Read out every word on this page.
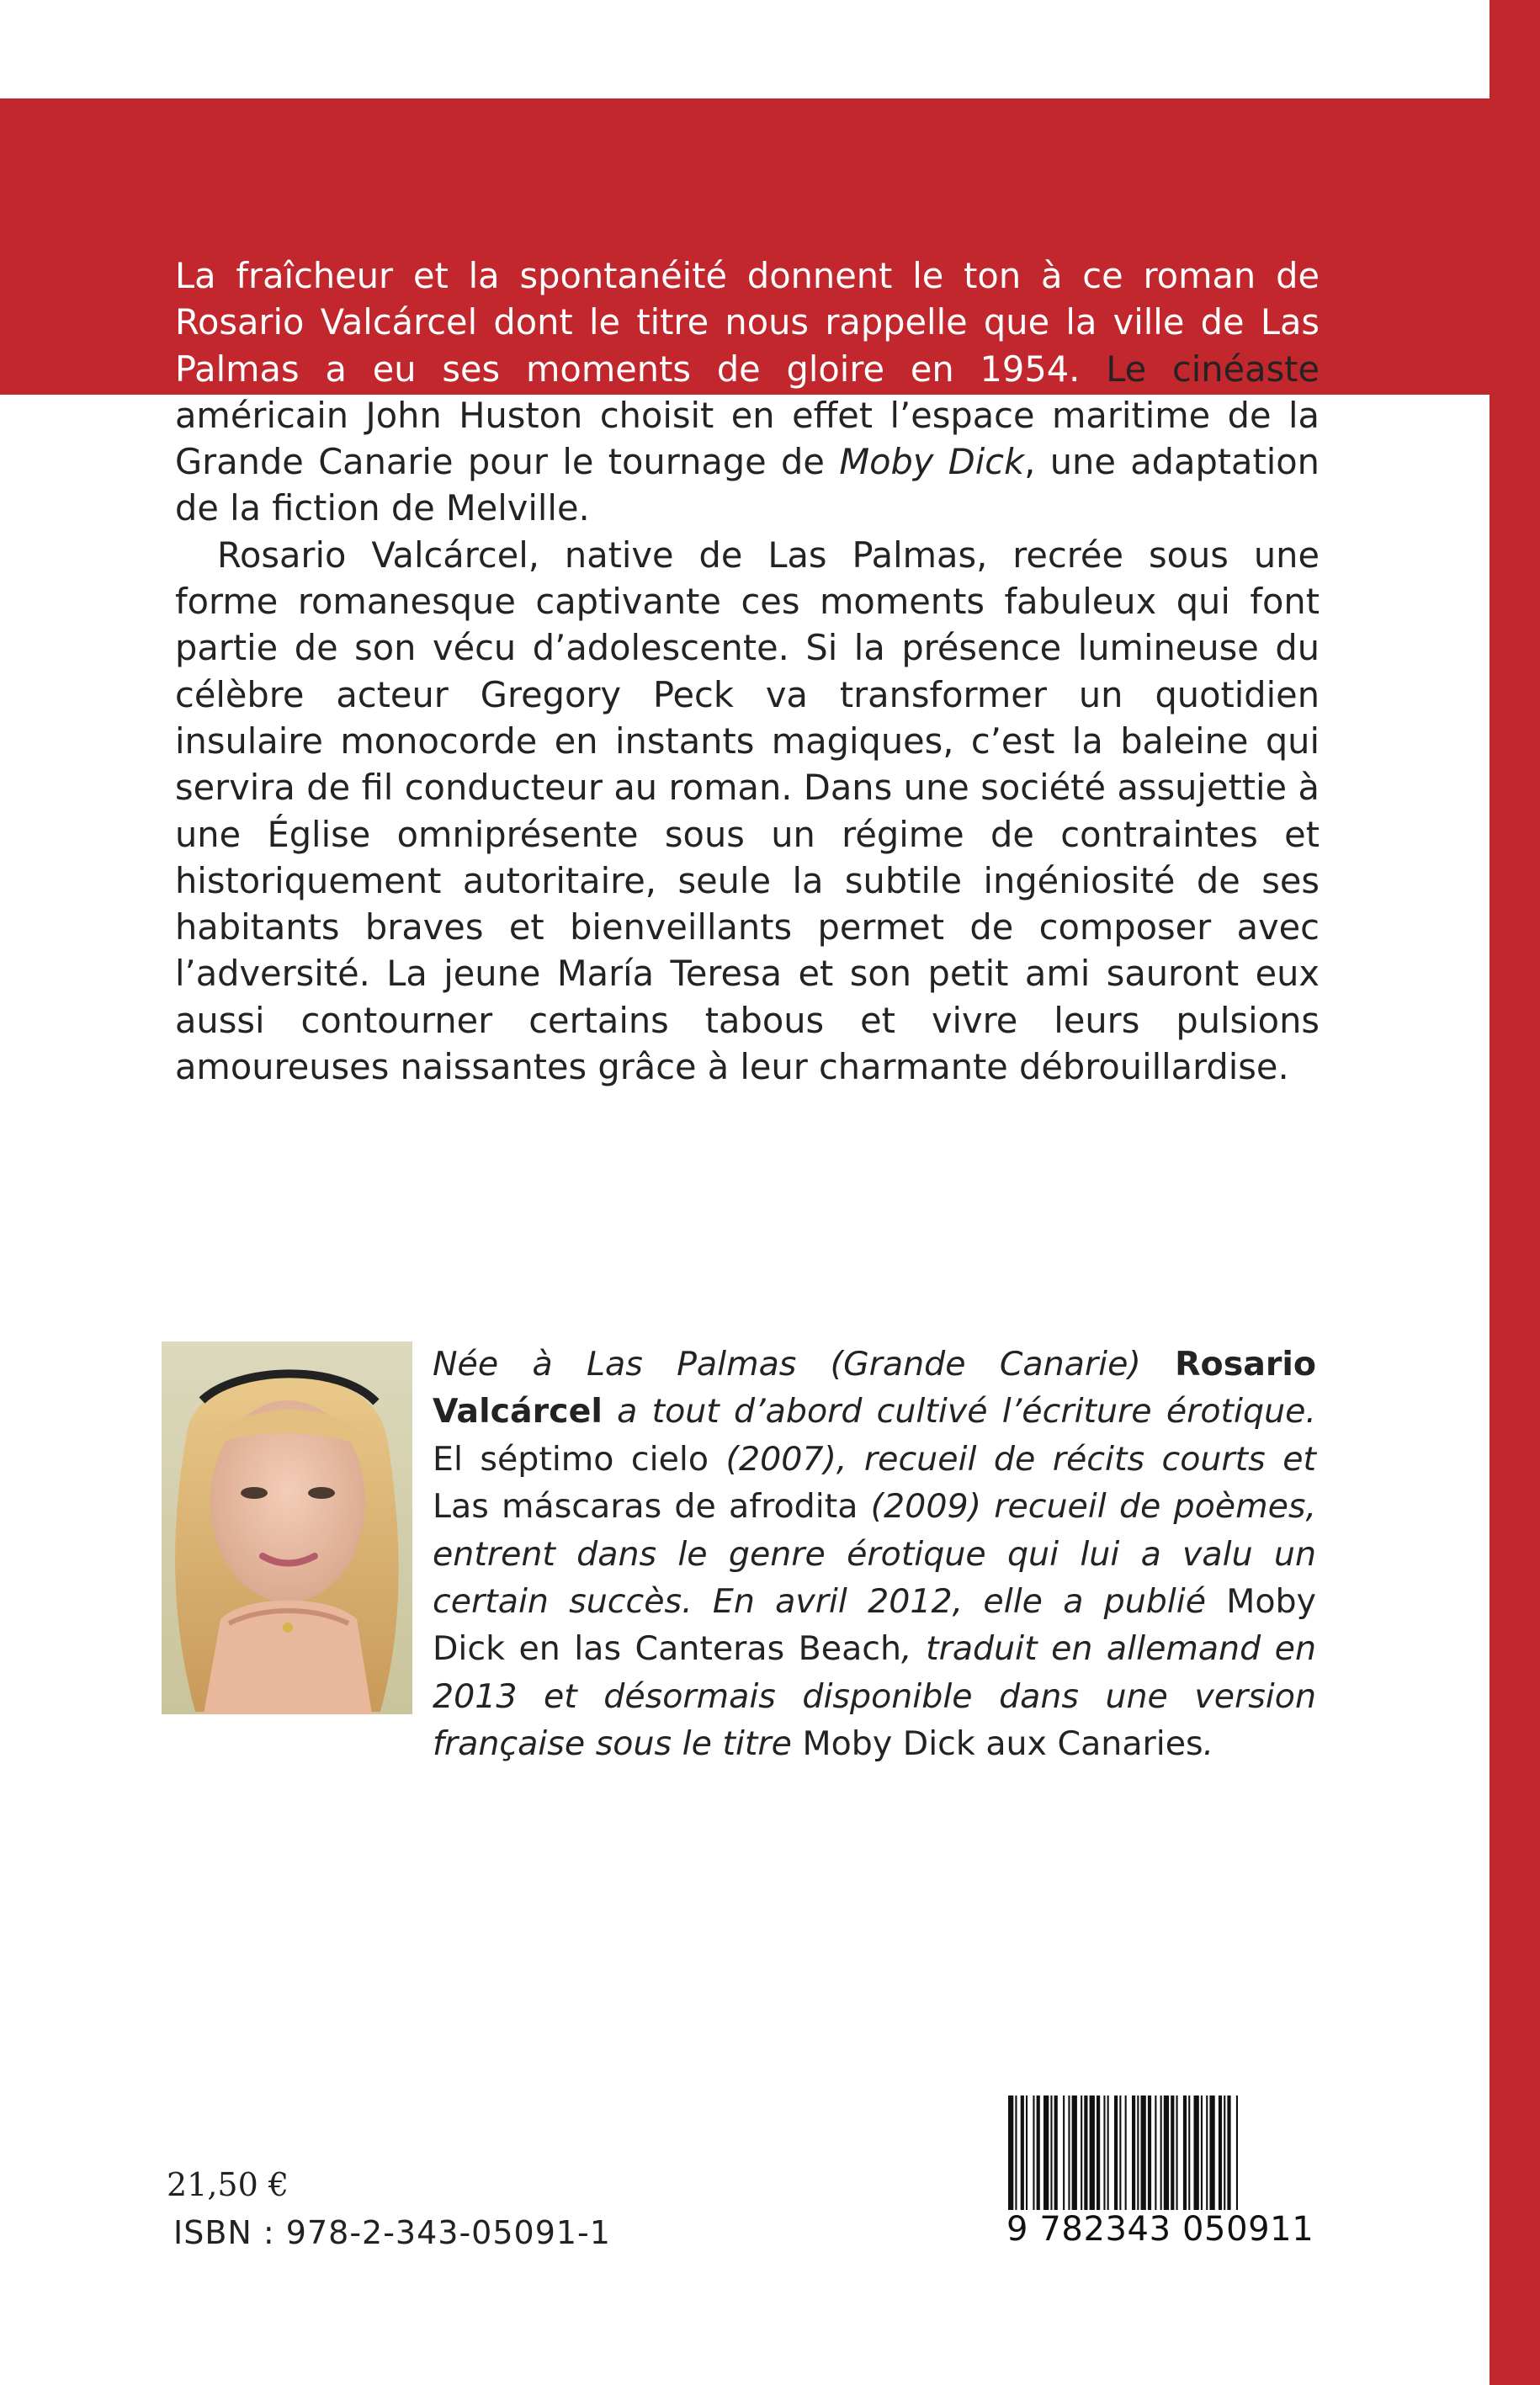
La fraîcheur et la spontanéité donnent le ton à ce roman de Rosario Valcárcel dont le titre nous rappelle que la ville de Las Palmas a eu ses moments de gloire en 1954. Le cinéaste américain John Huston choisit en effet l’espace maritime de la Grande Canarie pour le tournage de Moby Dick, une adaptation de la fiction de Melville.

Rosario Valcárcel, native de Las Palmas, recrée sous une forme romanesque captivante ces moments fabuleux qui font partie de son vécu d’adolescente. Si la présence lumineuse du célèbre acteur Gregory Peck va transformer un quotidien insulaire monocorde en instants magiques, c’est la baleine qui servira de fil conducteur au roman. Dans une société assujettie à une Église omniprésente sous un régime de contraintes et historiquement autoritaire, seule la subtile ingéniosité de ses habitants braves et bienveillants permet de composer avec l’adversité. La jeune María Teresa et son petit ami sauront eux aussi contourner certains tabous et vivre leurs pulsions amoureuses naissantes grâce à leur charmante débrouillardise.

Née à Las Palmas (Grande Canarie) Rosario Valcárcel a tout d’abord cultivé l’écriture érotique. El séptimo cielo (2007), recueil de récits courts et Las máscaras de afrodita (2009) recueil de poèmes, entrent dans le genre érotique qui lui a valu un certain succès. En avril 2012, elle a publié Moby Dick en las Canteras Beach, traduit en allemand en 2013 et désormais disponible dans une version française sous le titre Moby Dick aux Canaries.

21,50 €
ISBN : 978-2-343-05091-1	9 782343 050911
